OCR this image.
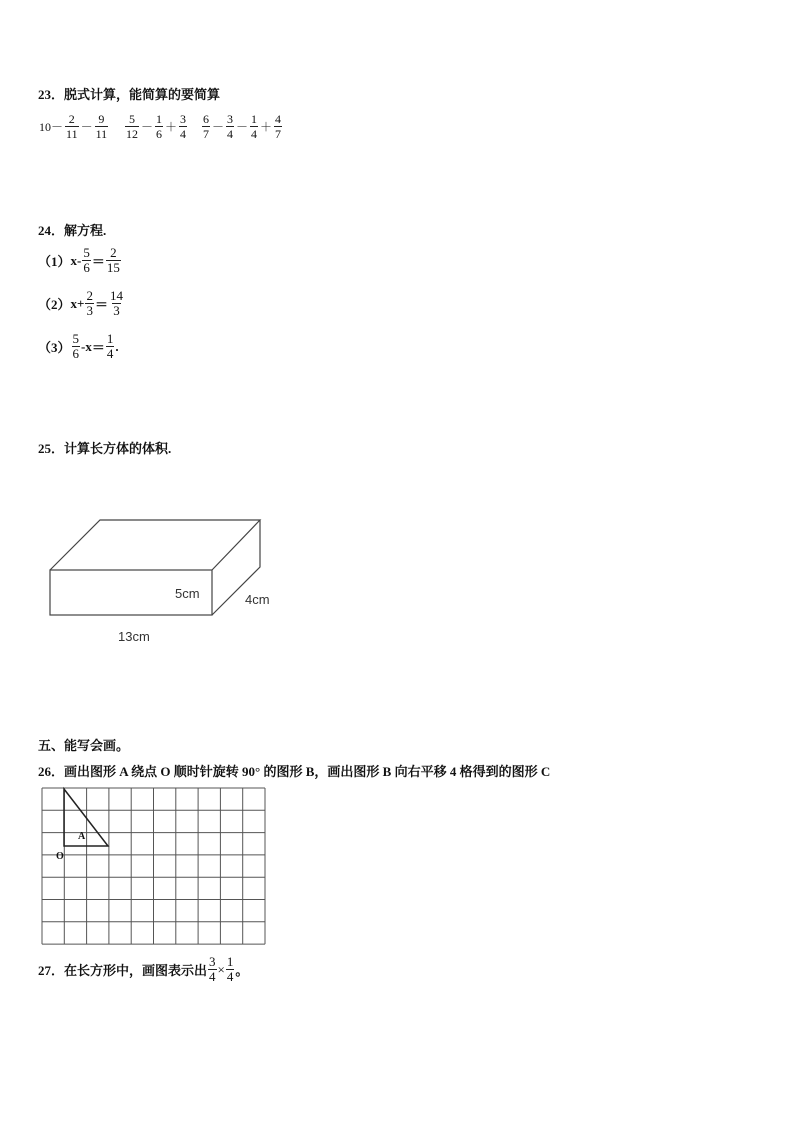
23．脱式计算，能简算的要简算
$10- \frac{2}{11} - \frac{9}{11} \frac{5}{12} - \frac{1}{6} + \frac{3}{4} \frac{6}{7} - \frac{3}{4} - \frac{1}{4} + \frac{4}{7}$
24．解方程.
（1） $x- \frac{5}{6} = \frac{2}{15}$
（2） $x+ \frac{2}{3} = \frac{14}{3}$
$(3) \frac{5}{6} -x = \frac{1}{4}$ .
25．计算长方体的体积.
5cm	4cm
13cm
五、能写会画。
26．画出图形 A 绕点 O 顺时针旋转 90° 的图形 B，画出图形 B 向右平移 4 格得到的图形 C
A
O
27．在长方形中，画图表示出 $\frac{3}{4} \times \frac{1}{4}$ 。
